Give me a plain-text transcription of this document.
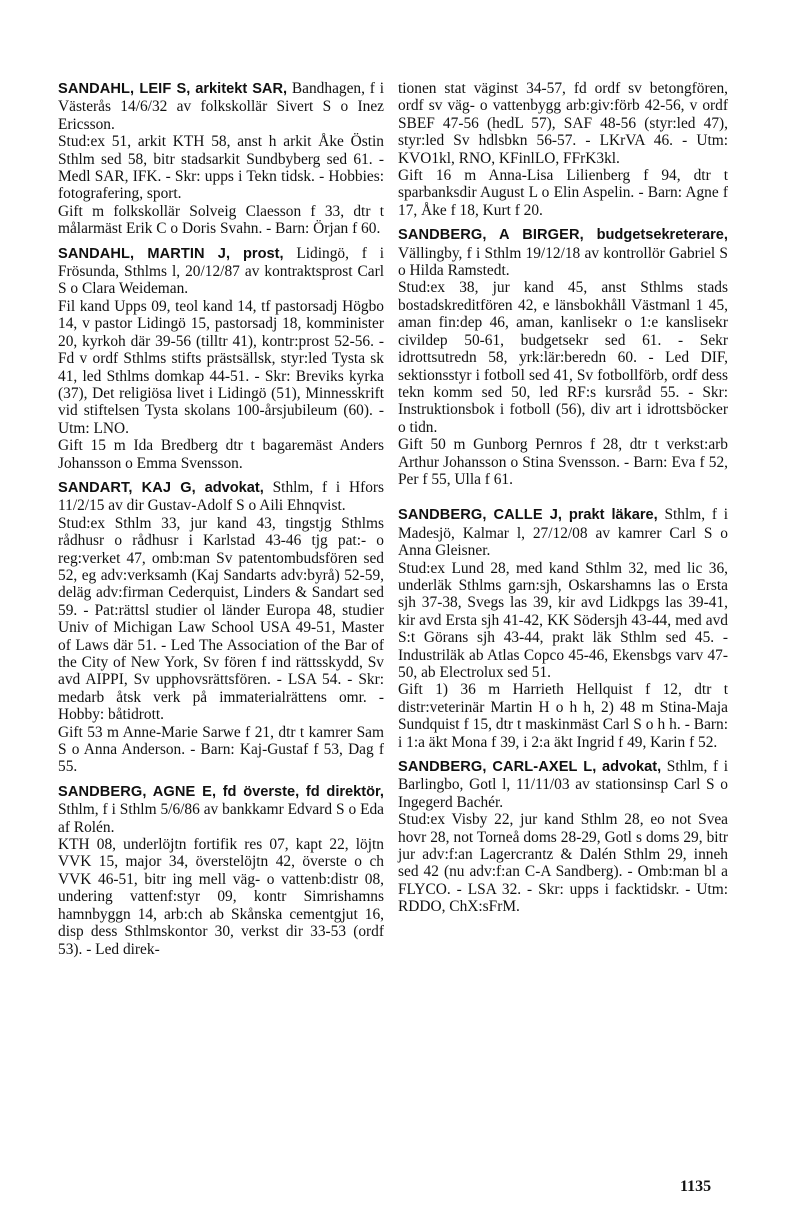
SANDAHL, LEIF S, arkitekt SAR, Bandhagen, f i Västerås 14/6/32 av folkskollär Sivert S o Inez Ericsson.
Stud:ex 51, arkit KTH 58, anst h arkit Åke Östin Sthlm sed 58, bitr stadsarkit Sundbyberg sed 61. - Medl SAR, IFK. - Skr: upps i Tekn tidsk. - Hobbies: fotografering, sport.
Gift m folkskollär Solveig Claesson f 33, dtr t målarmäst Erik C o Doris Svahn. - Barn: Örjan f 60.
SANDAHL, MARTIN J, prost, Lidingö, f i Frösunda, Sthlms l, 20/12/87 av kontraktsprost Carl S o Clara Weideman.
Fil kand Upps 09, teol kand 14, tf pastorsadj Högbo 14, v pastor Lidingö 15, pastorsadj 18, komminister 20, kyrkoh där 39-56 (tilltr 41), kontr:prost 52-56. - Fd v ordf Sthlms stifts prästsällsk, styr:led Tysta sk 41, led Sthlms domkap 44-51. - Skr: Breviks kyrka (37), Det religiösa livet i Lidingö (51), Minnesskrift vid stiftelsen Tysta skolans 100-årsjubileum (60). - Utm: LNO.
Gift 15 m Ida Bredberg dtr t bagaremäst Anders Johansson o Emma Svensson.
SANDART, KAJ G, advokat, Sthlm, f i Hfors 11/2/15 av dir Gustav-Adolf S o Aili Ehnqvist.
Stud:ex Sthlm 33, jur kand 43, tingstjg Sthlms rådhusr o rådhusr i Karlstad 43-46 tjg pat:- o reg:verket 47, omb:man Sv patentombudsfören sed 52, eg adv:verksamh (Kaj Sandarts adv:byrå) 52-59, deläg adv:firman Cederquist, Linders & Sandart sed 59. - Pat:rättsl studier ol länder Europa 48, studier Univ of Michigan Law School USA 49-51, Master of Laws där 51. - Led The Association of the Bar of the City of New York, Sv fören f ind rättsskydd, Sv avd AIPPI, Sv upphovsrättsfören. - LSA 54. - Skr: medarb åtsk verk på immaterialrättens omr. - Hobby: båtidrott.
Gift 53 m Anne-Marie Sarwe f 21, dtr t kamrer Sam S o Anna Anderson. - Barn: Kaj-Gustaf f 53, Dag f 55.
SANDBERG, AGNE E, fd överste, fd direktör, Sthlm, f i Sthlm 5/6/86 av bankkamr Edvard S o Eda af Rolén.
KTH 08, underlöjtn fortifik res 07, kapt 22, löjtn VVK 15, major 34, överstelöjtn 42, överste o ch VVK 46-51, bitr ing mell väg- o vattenb:distr 08, undering vattenf:styr 09, kontr Simrishamns hamnbyggn 14, arb:ch ab Skånska cementgjut 16, disp dess Sthlmskontor 30, verkst dir 33-53 (ordf 53). - Led direk-
tionen stat väginst 34-57, fd ordf sv betongfören, ordf sv väg- o vattenbygg arb:giv:förb 42-56, v ordf SBEF 47-56 (hedL 57), SAF 48-56 (styr:led 47), styr:led Sv hdlsbkn 56-57. - LKrVA 46. - Utm: KVO1kl, RNO, KFinlLO, FFrK3kl.
Gift 16 m Anna-Lisa Lilienberg f 94, dtr t sparbanksdir August L o Elin Aspelin. - Barn: Agne f 17, Åke f 18, Kurt f 20.
SANDBERG, A BIRGER, budgetsekreterare, Vällingby, f i Sthlm 19/12/18 av kontrollör Gabriel S o Hilda Ramstedt.
Stud:ex 38, jur kand 45, anst Sthlms stads bostadskreditfören 42, e länsbokhåll Västmanl 1 45, aman fin:dep 46, aman, kanlisekr o 1:e kanslisekr civildep 50-61, budgetsekr sed 61. - Sekr idrottsutredn 58, yrk:lär:beredn 60. - Led DIF, sektionsstyr i fotboll sed 41, Sv fotbollförb, ordf dess tekn komm sed 50, led RF:s kursråd 55. - Skr: Instruktionsbok i fotboll (56), div art i idrottsböcker o tidn.
Gift 50 m Gunborg Pernros f 28, dtr t verkst:arb Arthur Johansson o Stina Svensson. - Barn: Eva f 52, Per f 55, Ulla f 61.
SANDBERG, CALLE J, prakt läkare, Sthlm, f i Madesjö, Kalmar l, 27/12/08 av kamrer Carl S o Anna Gleisner.
Stud:ex Lund 28, med kand Sthlm 32, med lic 36, underläk Sthlms garn:sjh, Oskarshamns las o Ersta sjh 37-38, Svegs las 39, kir avd Lidkpgs las 39-41, kir avd Ersta sjh 41-42, KK Södersjh 43-44, med avd S:t Görans sjh 43-44, prakt läk Sthlm sed 45. - Industriläk ab Atlas Copco 45-46, Ekensbgs varv 47-50, ab Electrolux sed 51.
Gift 1) 36 m Harrieth Hellquist f 12, dtr t distr:veterinär Martin H o h h, 2) 48 m Stina-Maja Sundquist f 15, dtr t maskinmäst Carl S o h h. - Barn: i 1:a äkt Mona f 39, i 2:a äkt Ingrid f 49, Karin f 52.
SANDBERG, CARL-AXEL L, advokat, Sthlm, f i Barlingbo, Gotl l, 11/11/03 av stationsinsp Carl S o Ingegerd Bachér.
Stud:ex Visby 22, jur kand Sthlm 28, eo not Svea hovr 28, not Torneå doms 28-29, Gotl s doms 29, bitr jur adv:f:an Lagercrantz & Dalén Sthlm 29, inneh sed 42 (nu adv:f:an C-A Sandberg). - Omb:man bl a FLYCO. - LSA 32. - Skr: upps i facktidskr. - Utm: RDDO, ChX:sFrM.
1135
